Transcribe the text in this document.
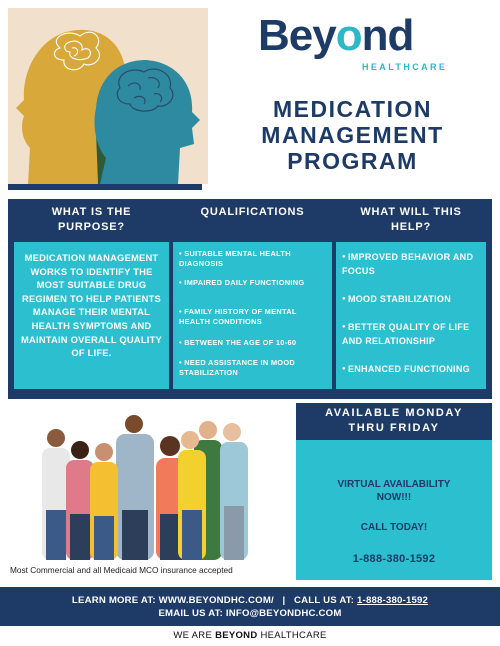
Beyond
HEALTHCARE
MEDICATION
MANAGEMENT
PROGRAM
WHAT IS THE
PURPOSE?
QUALIFICATIONS	WHAT WILL THIS
HELP?
MEDICATION MANAGEMENT WORKS TO IDENTIFY THE MOST SUITABLE DRUG REGIMEN TO HELP PATIENTS MANAGE THEIR MENTAL HEALTH SYMPTOMS AND MAINTAIN OVERALL QUALITY OF LIFE.
• SUITABLE MENTAL HEALTH DIAGNOSIS
• IMPAIRED DAILY FUNCTIONING
• FAMILY HISTORY OF MENTAL HEALTH CONDITIONS
• BETWEEN THE AGE OF 10-60
• NEED ASSISTANCE IN MOOD STABILIZATION
● IMPROVED BEHAVIOR AND FOCUS
● MOOD STABILIZATION
● BETTER QUALITY OF LIFE AND RELATIONSHIP
● ENHANCED FUNCTIONING
Most Commercial and all Medicaid MCO insurance accepted
AVAILABLE MONDAY
THRU FRIDAY
VIRTUAL AVAILABILITY
NOW!!!
CALL TODAY!
1-888-380-1592
LEARN MORE AT: WWW.BEYONDHC.COM/ | CALL US AT: 1-888-380-1592
EMAIL US AT: INFO@BEYONDHC.COM
WE ARE BEYOND HEALTHCARE
